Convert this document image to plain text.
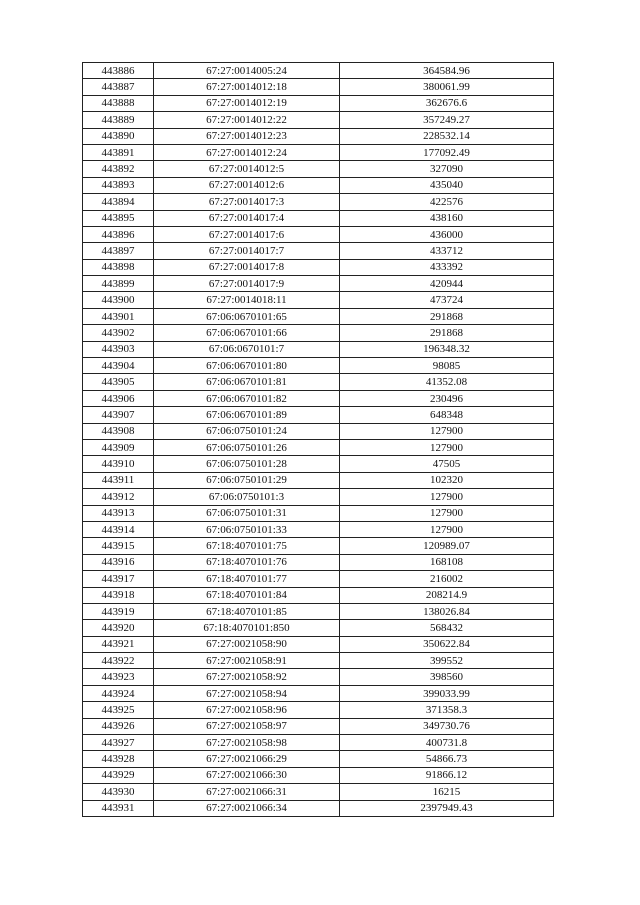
443886	67:27:0014005:24	364584.96
443887	67:27:0014012:18	380061.99
443888	67:27:0014012:19	362676.6
443889	67:27:0014012:22	357249.27
443890	67:27:0014012:23	228532.14
443891	67:27:0014012:24	177092.49
443892	67:27:0014012:5	327090
443893	67:27:0014012:6	435040
443894	67:27:0014017:3	422576
443895	67:27:0014017:4	438160
443896	67:27:0014017:6	436000
443897	67:27:0014017:7	433712
443898	67:27:0014017:8	433392
443899	67:27:0014017:9	420944
443900	67:27:0014018:11	473724
443901	67:06:0670101:65	291868
443902	67:06:0670101:66	291868
443903	67:06:0670101:7	196348.32
443904	67:06:0670101:80	98085
443905	67:06:0670101:81	41352.08
443906	67:06:0670101:82	230496
443907	67:06:0670101:89	648348
443908	67:06:0750101:24	127900
443909	67:06:0750101:26	127900
443910	67:06:0750101:28	47505
443911	67:06:0750101:29	102320
443912	67:06:0750101:3	127900
443913	67:06:0750101:31	127900
443914	67:06:0750101:33	127900
443915	67:18:4070101:75	120989.07
443916	67:18:4070101:76	168108
443917	67:18:4070101:77	216002
443918	67:18:4070101:84	208214.9
443919	67:18:4070101:85	138026.84
443920	67:18:4070101:850	568432
443921	67:27:0021058:90	350622.84
443922	67:27:0021058:91	399552
443923	67:27:0021058:92	398560
443924	67:27:0021058:94	399033.99
443925	67:27:0021058:96	371358.3
443926	67:27:0021058:97	349730.76
443927	67:27:0021058:98	400731.8
443928	67:27:0021066:29	54866.73
443929	67:27:0021066:30	91866.12
443930	67:27:0021066:31	16215
443931	67:27:0021066:34	2397949.43
